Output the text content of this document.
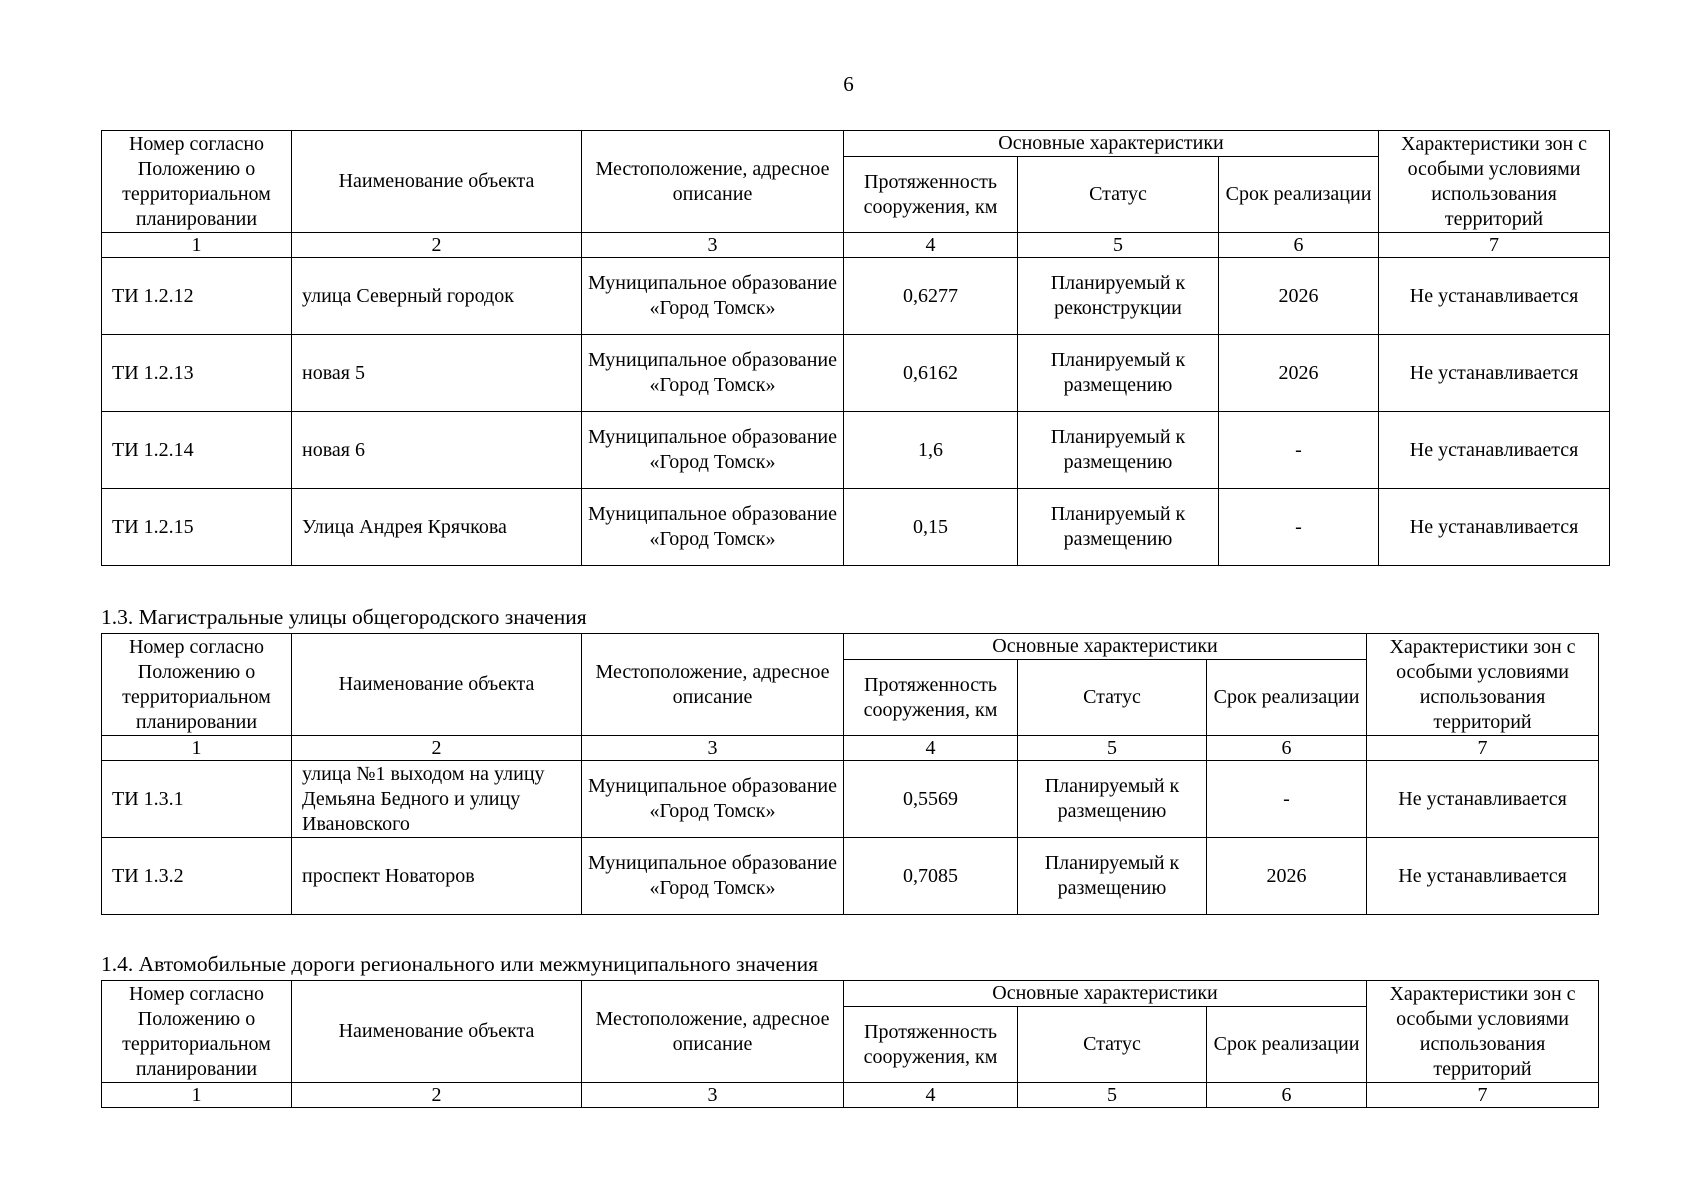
6
Номер согласно Положению о территориальном планировании	Наименование объекта	Местоположение, адресное описание	Основные характеристики			Характеристики зон с особыми условиями использования территорий
			Протяженность сооружения, км	Статус	Срок реализации	
1	2	3	4	5	6	7
ТИ 1.2.12	улица Северный городок	Муниципальное образование «Город Томск»	0,6277	Планируемый к реконструкции	2026	Не устанавливается
ТИ 1.2.13	новая 5	Муниципальное образование «Город Томск»	0,6162	Планируемый к размещению	2026	Не устанавливается
ТИ 1.2.14	новая 6	Муниципальное образование «Город Томск»	1,6	Планируемый к размещению	-	Не устанавливается
ТИ 1.2.15	Улица Андрея Крячкова	Муниципальное образование «Город Томск»	0,15	Планируемый к размещению	-	Не устанавливается
1.3. Магистральные улицы общегородского значения
Номер согласно Положению о территориальном планировании	Наименование объекта	Местоположение, адресное описание	Основные характеристики			Характеристики зон с особыми условиями использования территорий
			Протяженность сооружения, км	Статус	Срок реализации	
1	2	3	4	5	6	7
ТИ 1.3.1	улица №1 выходом на улицу Демьяна Бедного и улицу Ивановского	Муниципальное образование «Город Томск»	0,5569	Планируемый к размещению	-	Не устанавливается
ТИ 1.3.2	проспект Новаторов	Муниципальное образование «Город Томск»	0,7085	Планируемый к размещению	2026	Не устанавливается
1.4. Автомобильные дороги регионального или межмуниципального значения
Номер согласно Положению о территориальном планировании	Наименование объекта	Местоположение, адресное описание	Основные характеристики			Характеристики зон с особыми условиями использования территорий
			Протяженность сооружения, км	Статус	Срок реализации	
1	2	3	4	5	6	7
